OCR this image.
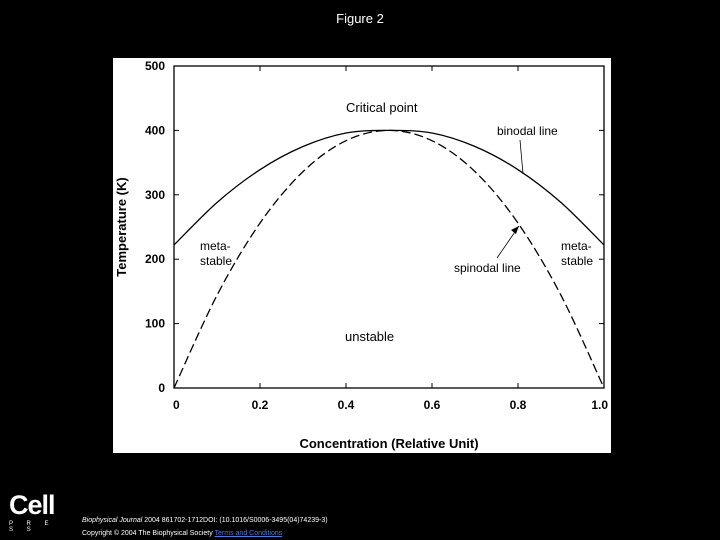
Figure 2
0
100
200
300
400
500
0	0.2	0.4	0.6	0.8	1.0
Concentration (Relative Unit)
Temperature (K)
Critical point
binodal line
spinodal line
meta-
stable
meta-
stable
unstable
Cell
P R E S S
Biophysical Journal 2004 861702-1712DOI: (10.1016/S0006-3495(04)74239-3)
Copyright © 2004 The Biophysical Society Terms and Conditions
